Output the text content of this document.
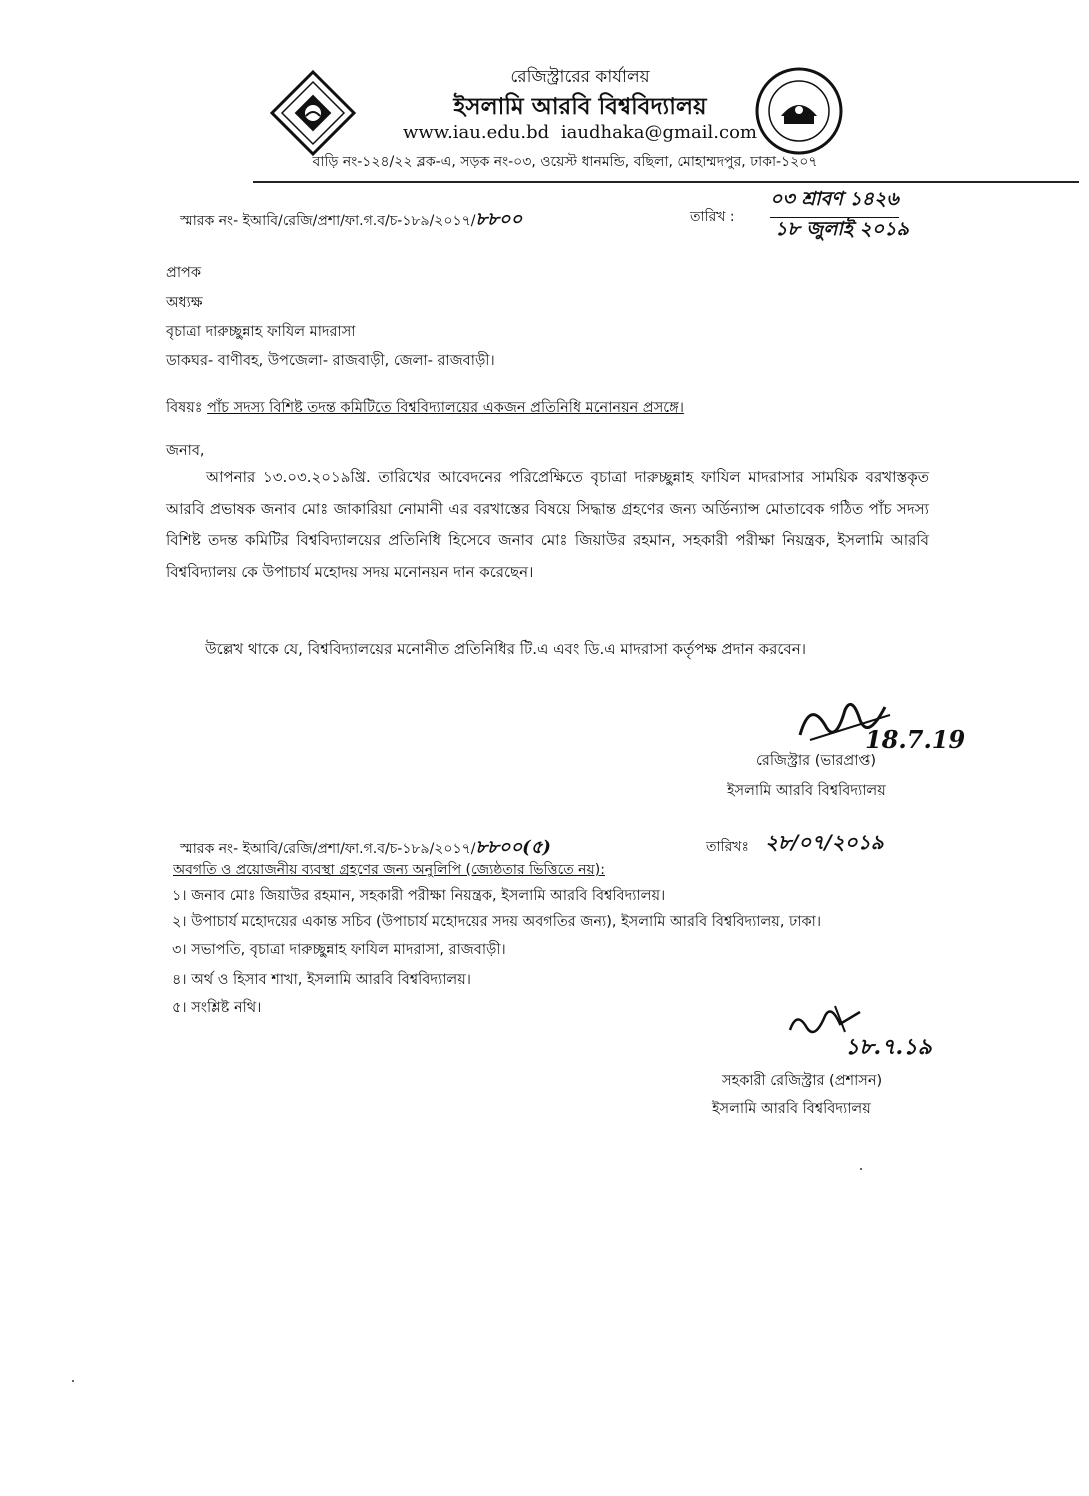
রেজিস্ট্রারের কার্যালয়
ইসলামি আরবি বিশ্ববিদ্যালয়
www.iau.edu.bd iaudhaka@gmail.com
বাড়ি নং-১২৪/২২ ব্লক-এ, সড়ক নং-০৩, ওয়েস্ট ধানমন্ডি, বছিলা, মোহাম্মদপুর, ঢাকা-১২০৭
স্মারক নং- ইআবি/রেজি/প্রশা/ফা.গ.ব/চ-১৮৯/২০১৭/৮৮০০	তারিখ :
০৩ শ্রাবণ ১৪২৬
১৮ জুলাই ২০১৯
প্রাপক
অধ্যক্ষ
বৃচাত্রা দারুচ্ছুন্নাহ ফাযিল মাদরাসা
ডাকঘর- বাণীবহ, উপজেলা- রাজবাড়ী, জেলা- রাজবাড়ী।
বিষয়ঃ পাঁচ সদস্য বিশিষ্ট তদন্ত কমিটিতে বিশ্ববিদ্যালয়ের একজন প্রতিনিধি মনোনয়ন প্রসঙ্গে।
জনাব,
আপনার ১৩.০৩.২০১৯খ্রি. তারিখের আবেদনের পরিপ্রেক্ষিতে বৃচাত্রা দারুচ্ছুন্নাহ ফাযিল মাদরাসার সাময়িক বরখাস্তকৃত আরবি প্রভাষক জনাব মোঃ জাকারিয়া নোমানী এর বরখাস্তের বিষয়ে সিদ্ধান্ত গ্রহণের জন্য অর্ডিন্যান্স মোতাবেক গঠিত পাঁচ সদস্য বিশিষ্ট তদন্ত কমিটির বিশ্ববিদ্যালয়ের প্রতিনিধি হিসেবে জনাব মোঃ জিয়াউর রহমান, সহকারী পরীক্ষা নিয়ন্ত্রক, ইসলামি আরবি বিশ্ববিদ্যালয় কে উপাচার্য মহোদয় সদয় মনোনয়ন দান করেছেন।
উল্লেখ থাকে যে, বিশ্ববিদ্যালয়ের মনোনীত প্রতিনিধির টি.এ এবং ডি.এ মাদরাসা কর্তৃপক্ষ প্রদান করবেন।
18.7.19
রেজিস্ট্রার (ভারপ্রাপ্ত)
ইসলামি আরবি বিশ্ববিদ্যালয়
স্মারক নং- ইআবি/রেজি/প্রশা/ফা.গ.ব/চ-১৮৯/২০১৭/৮৮০০(৫)	তারিখঃ ২৮/০৭/২০১৯
অবগতি ও প্রয়োজনীয় ব্যবস্থা গ্রহণের জন্য অনুলিপি (জ্যেষ্ঠতার ভিত্তিতে নয়):
১। জনাব মোঃ জিয়াউর রহমান, সহকারী পরীক্ষা নিয়ন্ত্রক, ইসলামি আরবি বিশ্ববিদ্যালয়।
২। উপাচার্য মহোদয়ের একান্ত সচিব (উপাচার্য মহোদয়ের সদয় অবগতির জন্য), ইসলামি আরবি বিশ্ববিদ্যালয়, ঢাকা।
৩। সভাপতি, বৃচাত্রা দারুচ্ছুন্নাহ ফাযিল মাদরাসা, রাজবাড়ী।
৪। অর্থ ও হিসাব শাখা, ইসলামি আরবি বিশ্ববিদ্যালয়।
৫। সংশ্লিষ্ট নথি।
১৮.৭.১৯
সহকারী রেজিস্ট্রার (প্রশাসন)
ইসলামি আরবি বিশ্ববিদ্যালয়
